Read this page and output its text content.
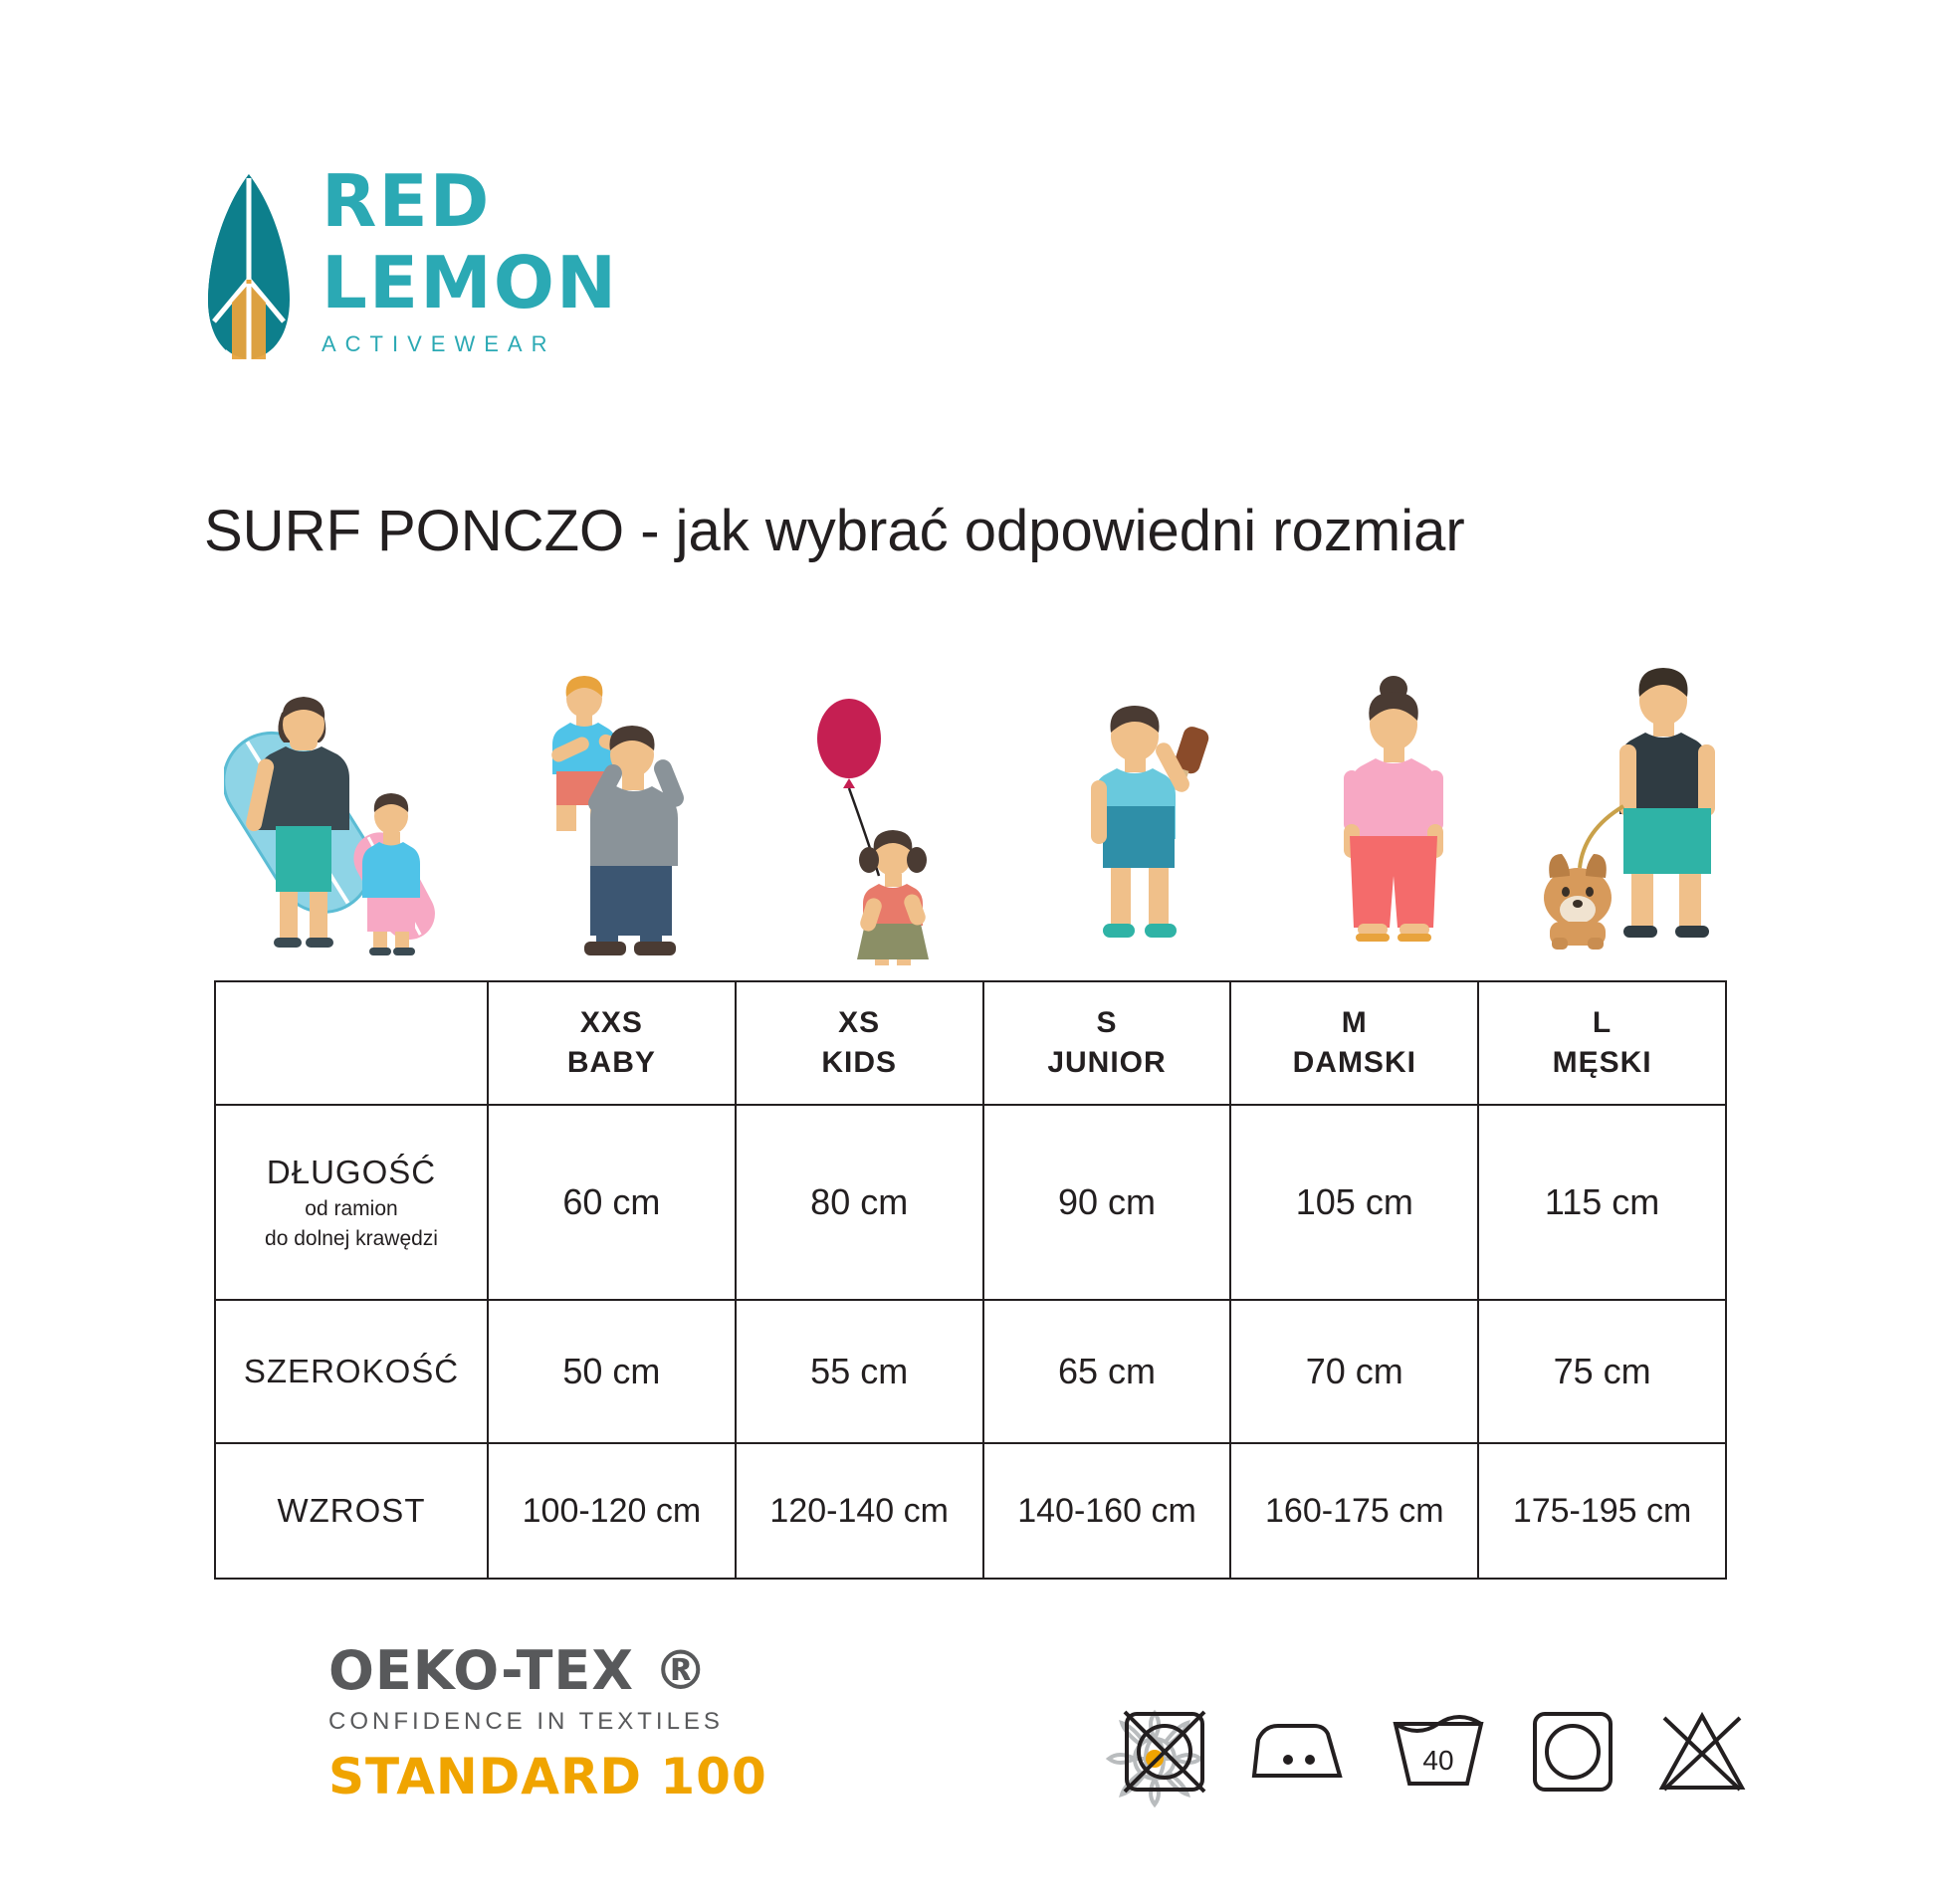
RED
LEMON
ACTIVEWEAR
SURF PONCZO - jak wybrać odpowiedni rozmiar

	XXS
BABY	XS
KIDS	S
JUNIOR	M
DAMSKI	L
MĘSKI

DŁUGOŚĆ
od ramion
do dolnej krawędzi	60 cm	80 cm	90 cm	105 cm	115 cm
SZEROKOŚĆ	50 cm	55 cm	65 cm	70 cm	75 cm
WZROST	100-120 cm	120-140 cm	140-160 cm	160-175 cm	175-195 cm
OEKO-TEX ®
CONFIDENCE IN TEXTILES
STANDARD 100	40
